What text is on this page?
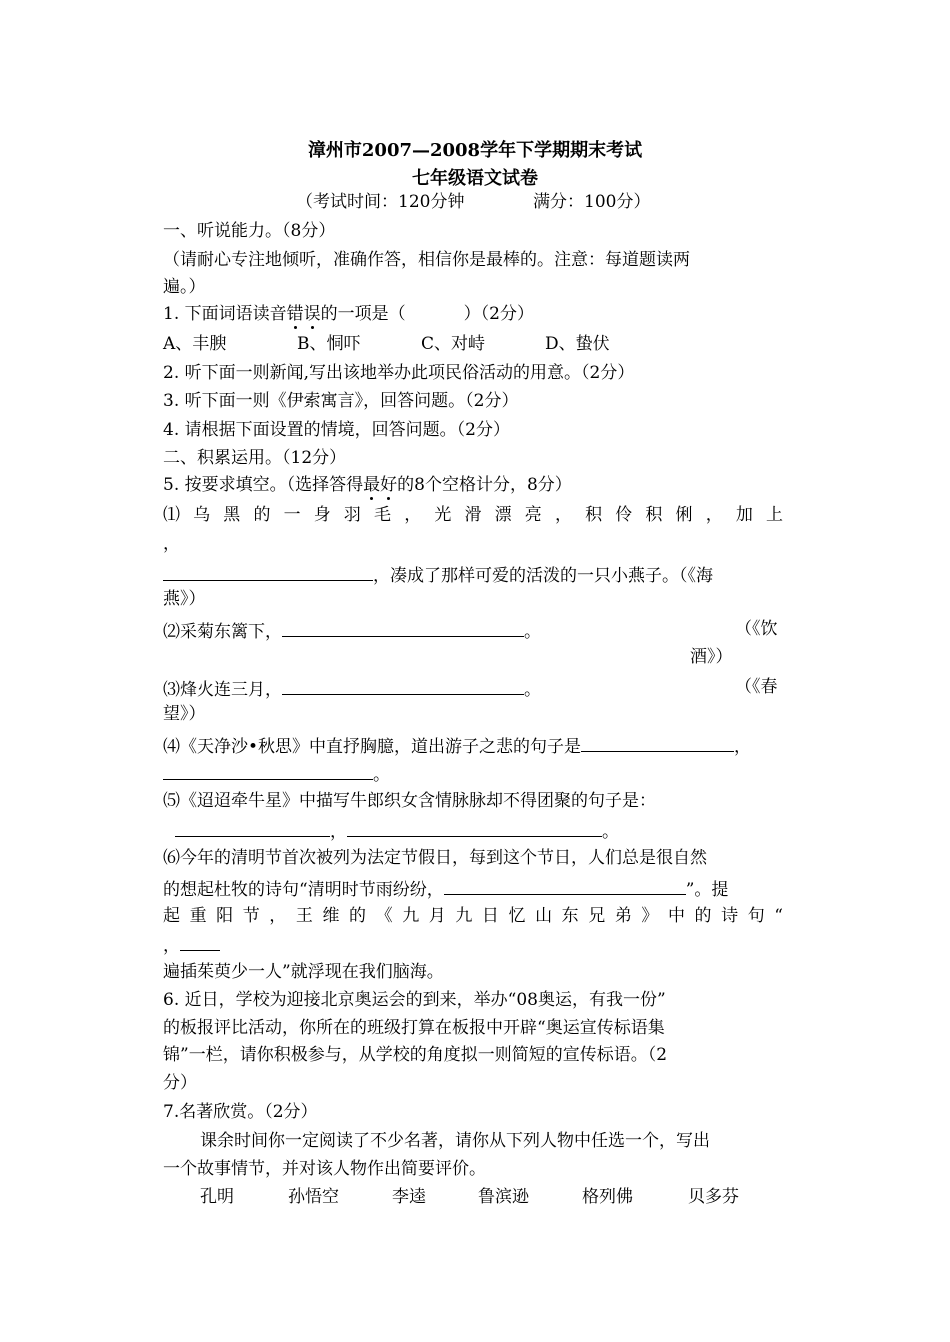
漳州市2007—2008学年下学期期末考试
七年级语文试卷
（考试时间：120分钟	满分：100分）
一、听说能力。（8分）
（请耐心专注地倾听，准确作答，相信你是最棒的。注意：每道题读两
遍。）
1. 下面词语读音错误的一项是（	）（2分）
A、丰腴	B、恫吓	C、对峙	D、蛰伏
2. 听下面一则新闻,写出该地举办此项民俗活动的用意。（2分）
3. 听下面一则《伊索寓言》，回答问题。（2分）
4. 请根据下面设置的情境，回答问题。（2分）
二、积累运用。（12分）
5. 按要求填空。（选择答得最好的8个空格计分，8分）
⑴乌黑的一身羽毛，光滑漂亮，积伶积俐，加上
，
，凑成了那样可爱的活泼的一只小燕子。（《海
燕》）
⑵采菊东篱下，	。	（《饮
酒》）
⑶烽火连三月，	。	（《春
望》）
⑷《天净沙•秋思》中直抒胸臆，道出游子之悲的句子是	，
。
⑸《迢迢牵牛星》中描写牛郎织女含情脉脉却不得团聚的句子是：
，	。
⑹今年的清明节首次被列为法定节假日，每到这个节日，人们总是很自然
的想起杜牧的诗句“清明时节雨纷纷，	”。提
起重阳节，王维的《九月九日忆山东兄弟》中的诗句“
，
遍插茱萸少一人”就浮现在我们脑海。
6. 近日，学校为迎接北京奥运会的到来，举办“08奥运，有我一份”
的板报评比活动，你所在的班级打算在板报中开辟“奥运宣传标语集
锦”一栏，请你积极参与，从学校的角度拟一则简短的宣传标语。（2
分）
7.名著欣赏。（2分）
课余时间你一定阅读了不少名著，请你从下列人物中任选一个，写出
一个故事情节，并对该人物作出简要评价。
孔明	孙悟空	李逵	鲁滨逊	格列佛	贝多芬
